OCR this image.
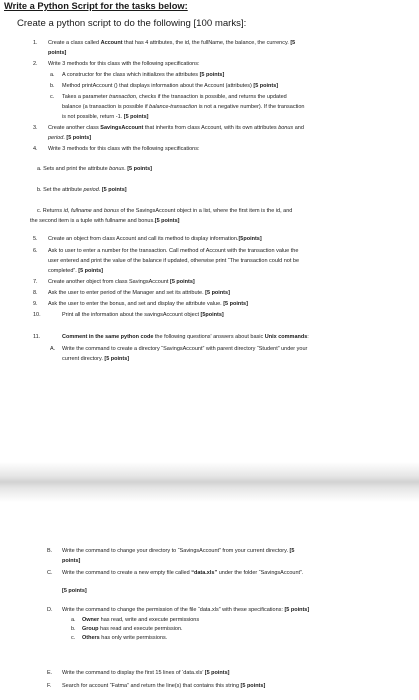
Write a Python Script for the tasks below:
Create a python script to do the following [100 marks]:
1. Create a class called Account that has 4 attributes, the id, the fullName, the balance, the currency. [5
points]
2. Write 3 methods for this class with the following specifications:
a. A constructor for the class which initializes the attributes [5 points]
b. Method printAccount () that displays information about the Account (attributes) [5 points]
c. Takes a parameter transaction, checks if the transaction is possible, and returns the updated
balance (a transaction is possible if balance-transaction is not a negative number). If the transaction
is not possible, return -1. [5 points]
3. Create another class SavingsAccount that inherits from class Account, with its own attributes bonus and
period. [5 points]
4. Write 3 methods for this class with the following specifications:
a. Sets and print the attribute bonus. [5 points]
b. Set the attribute period. [5 points]
c. Returns id, fullname and bonus of the SavingsAccount object in a list, where the first item is the id, and
the second item is a tuple with fullname and bonus.[5 points]
5. Create an object from class Account and call its method to display information.[5points]
6. Ask to user to enter a number for the transaction. Call method of Account with the transaction value the
user entered and print the value of the balance if updated, otherwise print “The transaction could not be
completed”. [5 points]
7. Create another object from class SavingsAccount [5 points]
8. Ask the user to enter period of the Manager and set its attribute. [5 points]
9. Ask the user to enter the bonus, and set and display the attribute value. [5 points]
10.	Print all the information about the savingsAccount object [5points]
11.	Comment in the same python code the following questions' answers about basic Unix commands:
A. Write the command to create a directory “SavingsAccount” with parent directory “Student” under your
current directory. [5 points]
B. Write the command to change your directory to “SavingsAccount” from your current directory. [5
points]
C. Write the command to create a new empty file called “data.xls” under the folder “SavingsAccount”.
[5 points]
D. Write the command to change the permission of the file “data.xls” with these specifications: [5 points]
a. Owner has read, write and execute permissions
b. Group has read and execute permission.
c. Others has only write permissions.
E. Write the command to display the first 15 lines of ‘data.xls’ [5 points]
F. Search for account “Fatma” and return the line(s) that contains this string [5 points]
